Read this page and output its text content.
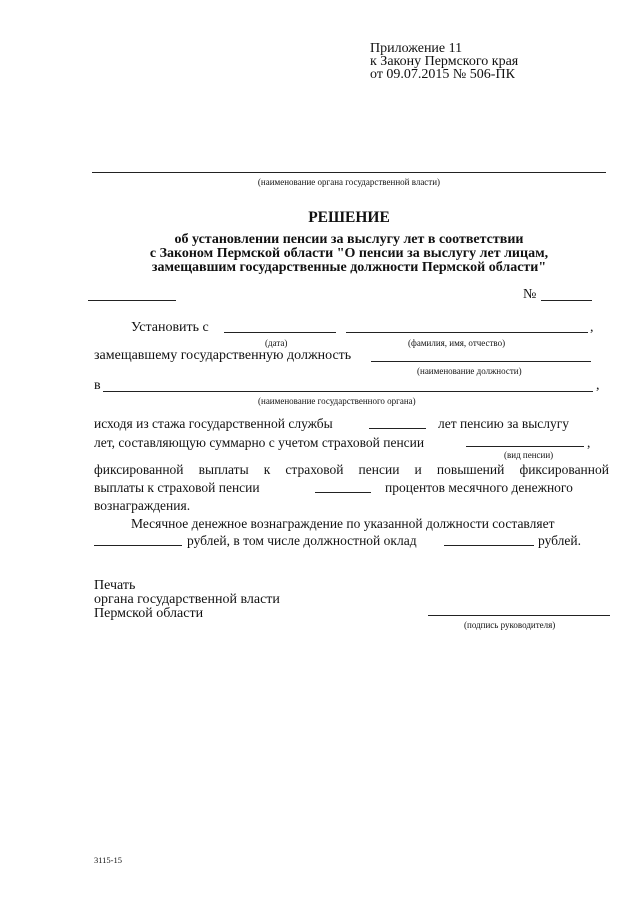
Приложение 11
к Закону Пермского края
от 09.07.2015 № 506-ПК
(наименование органа государственной власти)
РЕШЕНИЕ
об установлении пенсии за выслугу лет в соответствии
с Законом Пермской области "О пенсии за выслугу лет лицам,
замещавшим государственные должности Пермской области"
№
Установить с	,
(дата)	(фамилия, имя, отчество)
замещавшему государственную должность
(наименование должности)
в	,
(наименование государственного органа)
исходя из стажа государственной службы	лет пенсию за выслугу
лет, составляющую суммарно с учетом страховой пенсии	,
(вид пенсии)
фиксированной выплаты к страховой пенсии и повышений фиксированной
выплаты к страховой пенсии	процентов месячного денежного
вознаграждения.
Месячное денежное вознаграждение по указанной должности составляет
рублей, в том числе должностной оклад	рублей.
Печать
органа государственной власти
Пермской области
(подпись руководителя)
3115-15
